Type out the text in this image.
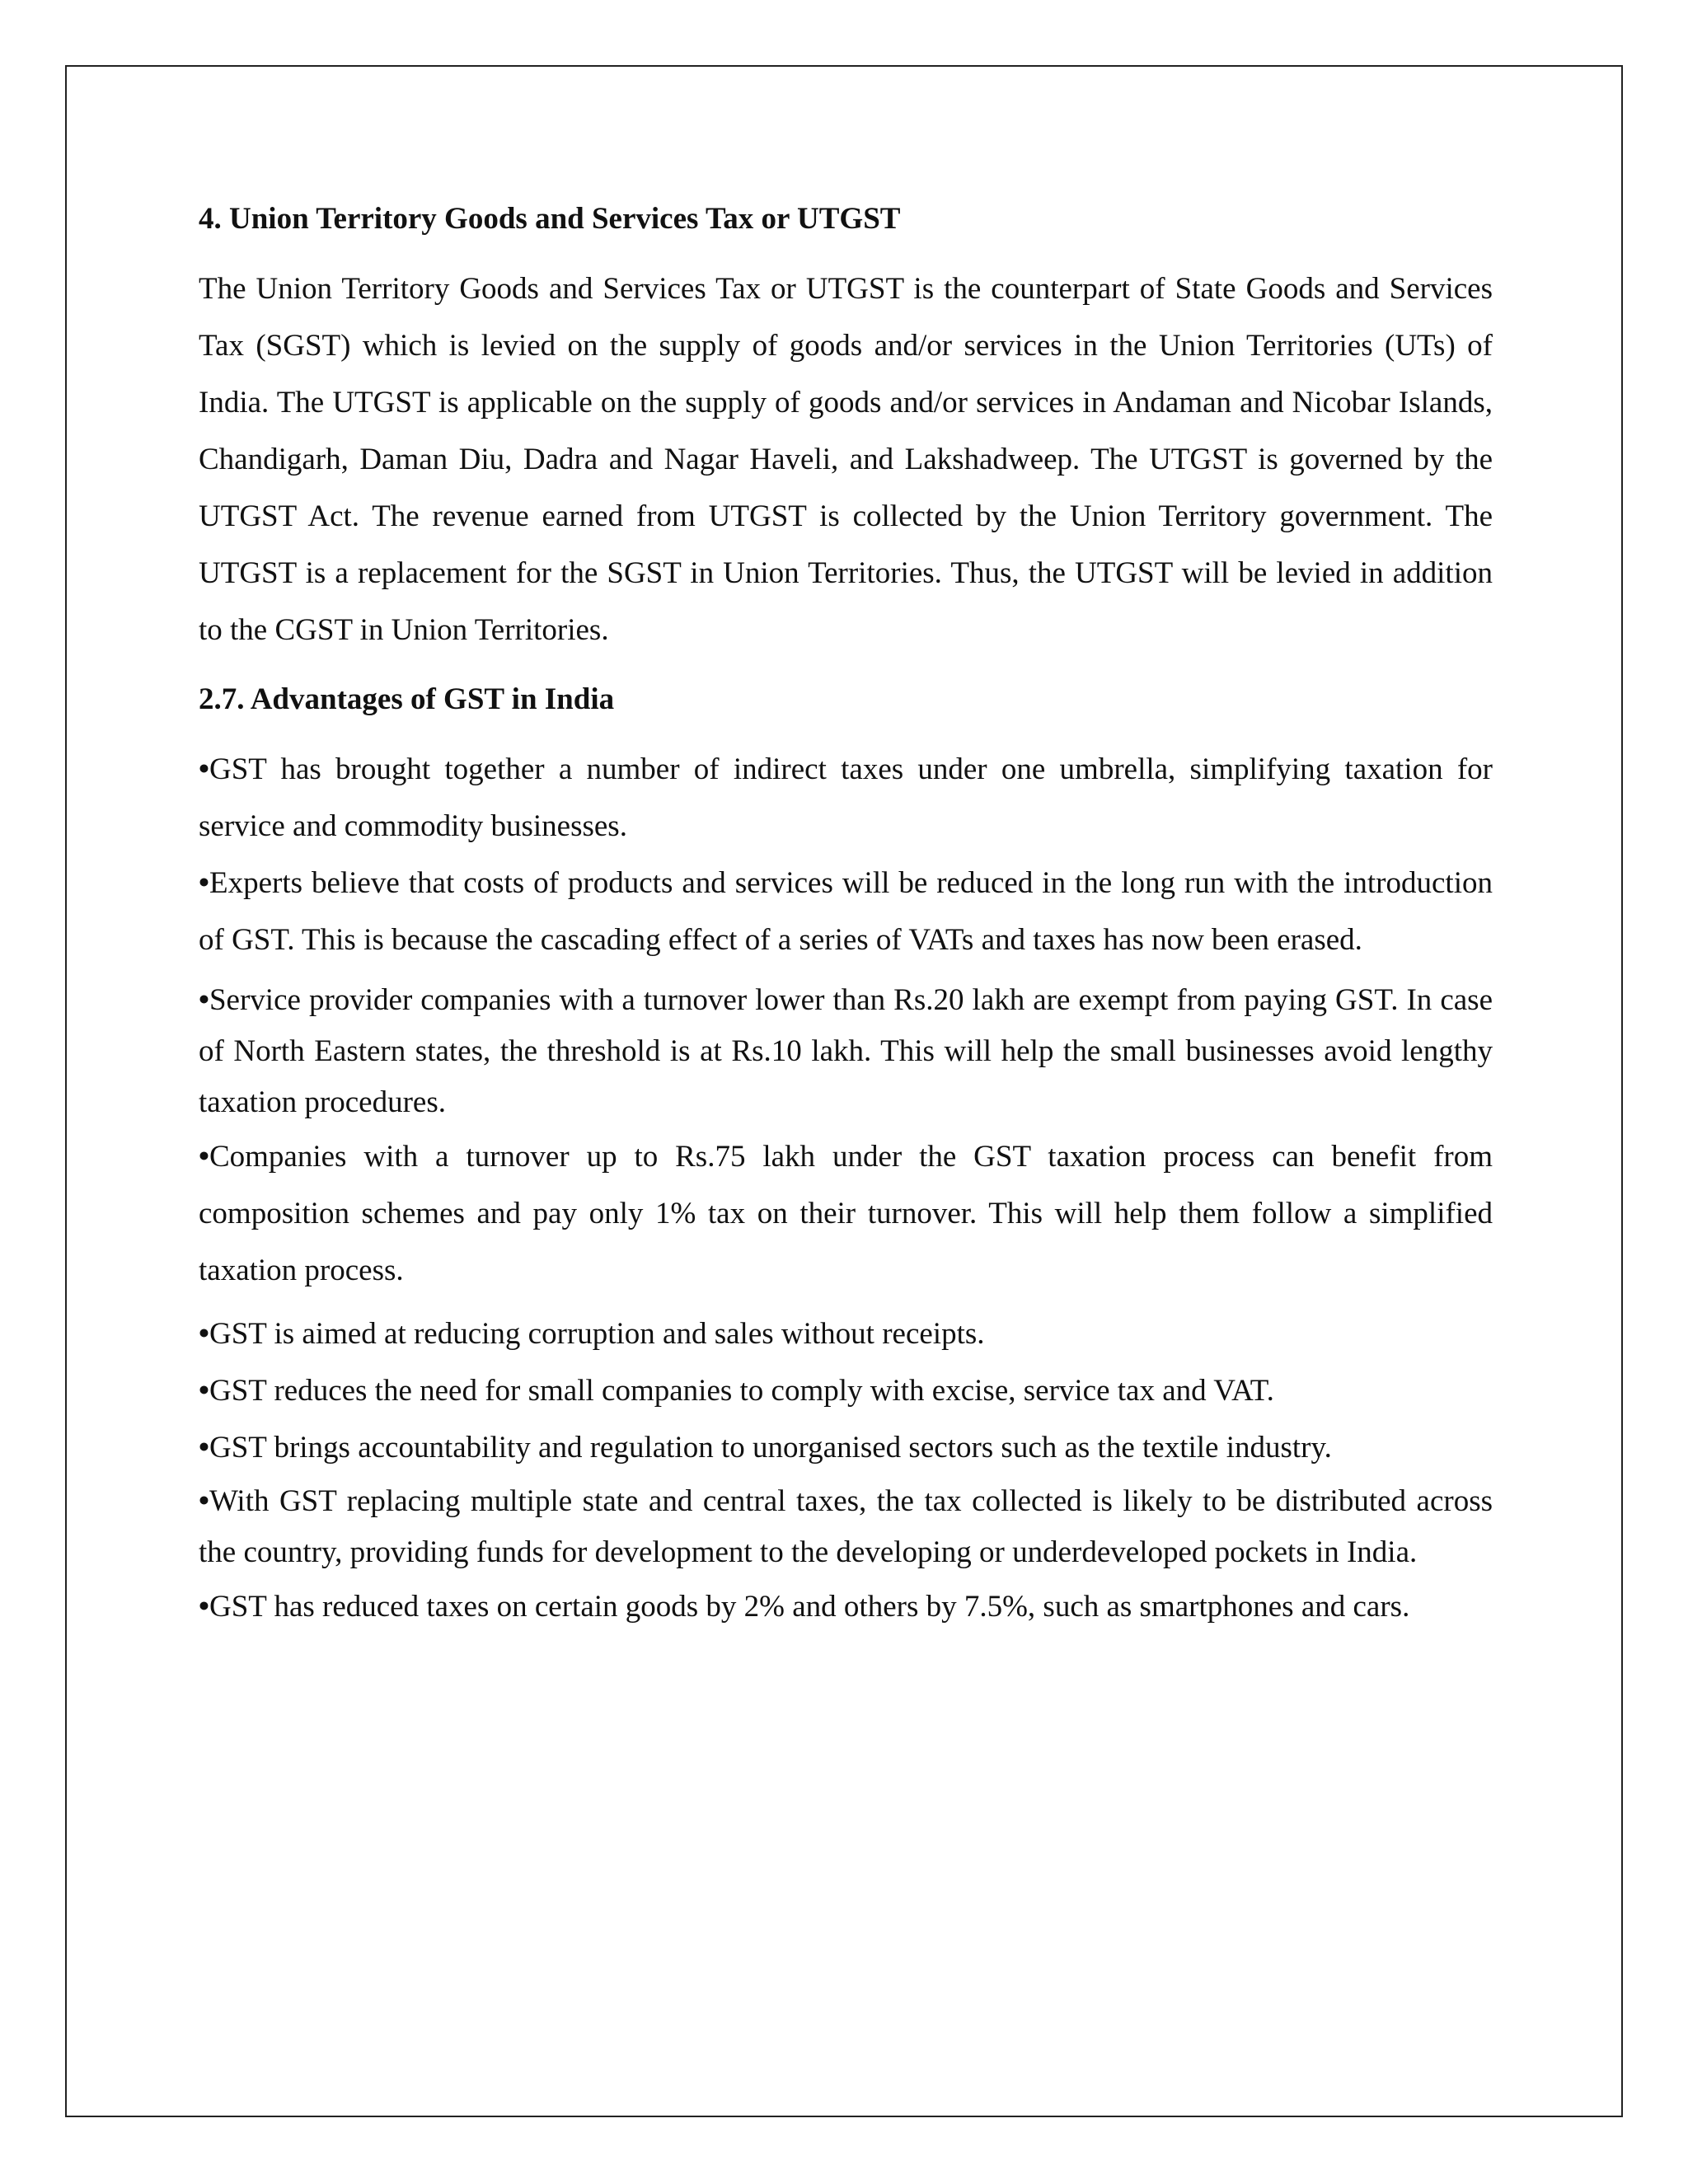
4. Union Territory Goods and Services Tax or UTGST

The Union Territory Goods and Services Tax or UTGST is the counterpart of State Goods and Services Tax (SGST) which is levied on the supply of goods and/or services in the Union Territories (UTs) of India. The UTGST is applicable on the supply of goods and/or services in Andaman and Nicobar Islands, Chandigarh, Daman Diu, Dadra and Nagar Haveli, and Lakshadweep. The UTGST is governed by the UTGST Act. The revenue earned from UTGST is collected by the Union Territory government. The UTGST is a replacement for the SGST in Union Territories. Thus, the UTGST will be levied in addition to the CGST in Union Territories.

2.7. Advantages of GST in India

•GST has brought together a number of indirect taxes under one umbrella, simplifying taxation for service and commodity businesses.

•Experts believe that costs of products and services will be reduced in the long run with the introduction of GST. This is because the cascading effect of a series of VATs and taxes has now been erased.

•Service provider companies with a turnover lower than Rs.20 lakh are exempt from paying GST. In case of North Eastern states, the threshold is at Rs.10 lakh. This will help the small businesses avoid lengthy taxation procedures.

•Companies with a turnover up to Rs.75 lakh under the GST taxation process can benefit from composition schemes and pay only 1% tax on their turnover. This will help them follow a simplified taxation process.

•GST is aimed at reducing corruption and sales without receipts.

•GST reduces the need for small companies to comply with excise, service tax and VAT.

•GST brings accountability and regulation to unorganised sectors such as the textile industry.

•With GST replacing multiple state and central taxes, the tax collected is likely to be distributed across the country, providing funds for development to the developing or underdeveloped pockets in India.

•GST has reduced taxes on certain goods by 2% and others by 7.5%, such as smartphones and cars.
